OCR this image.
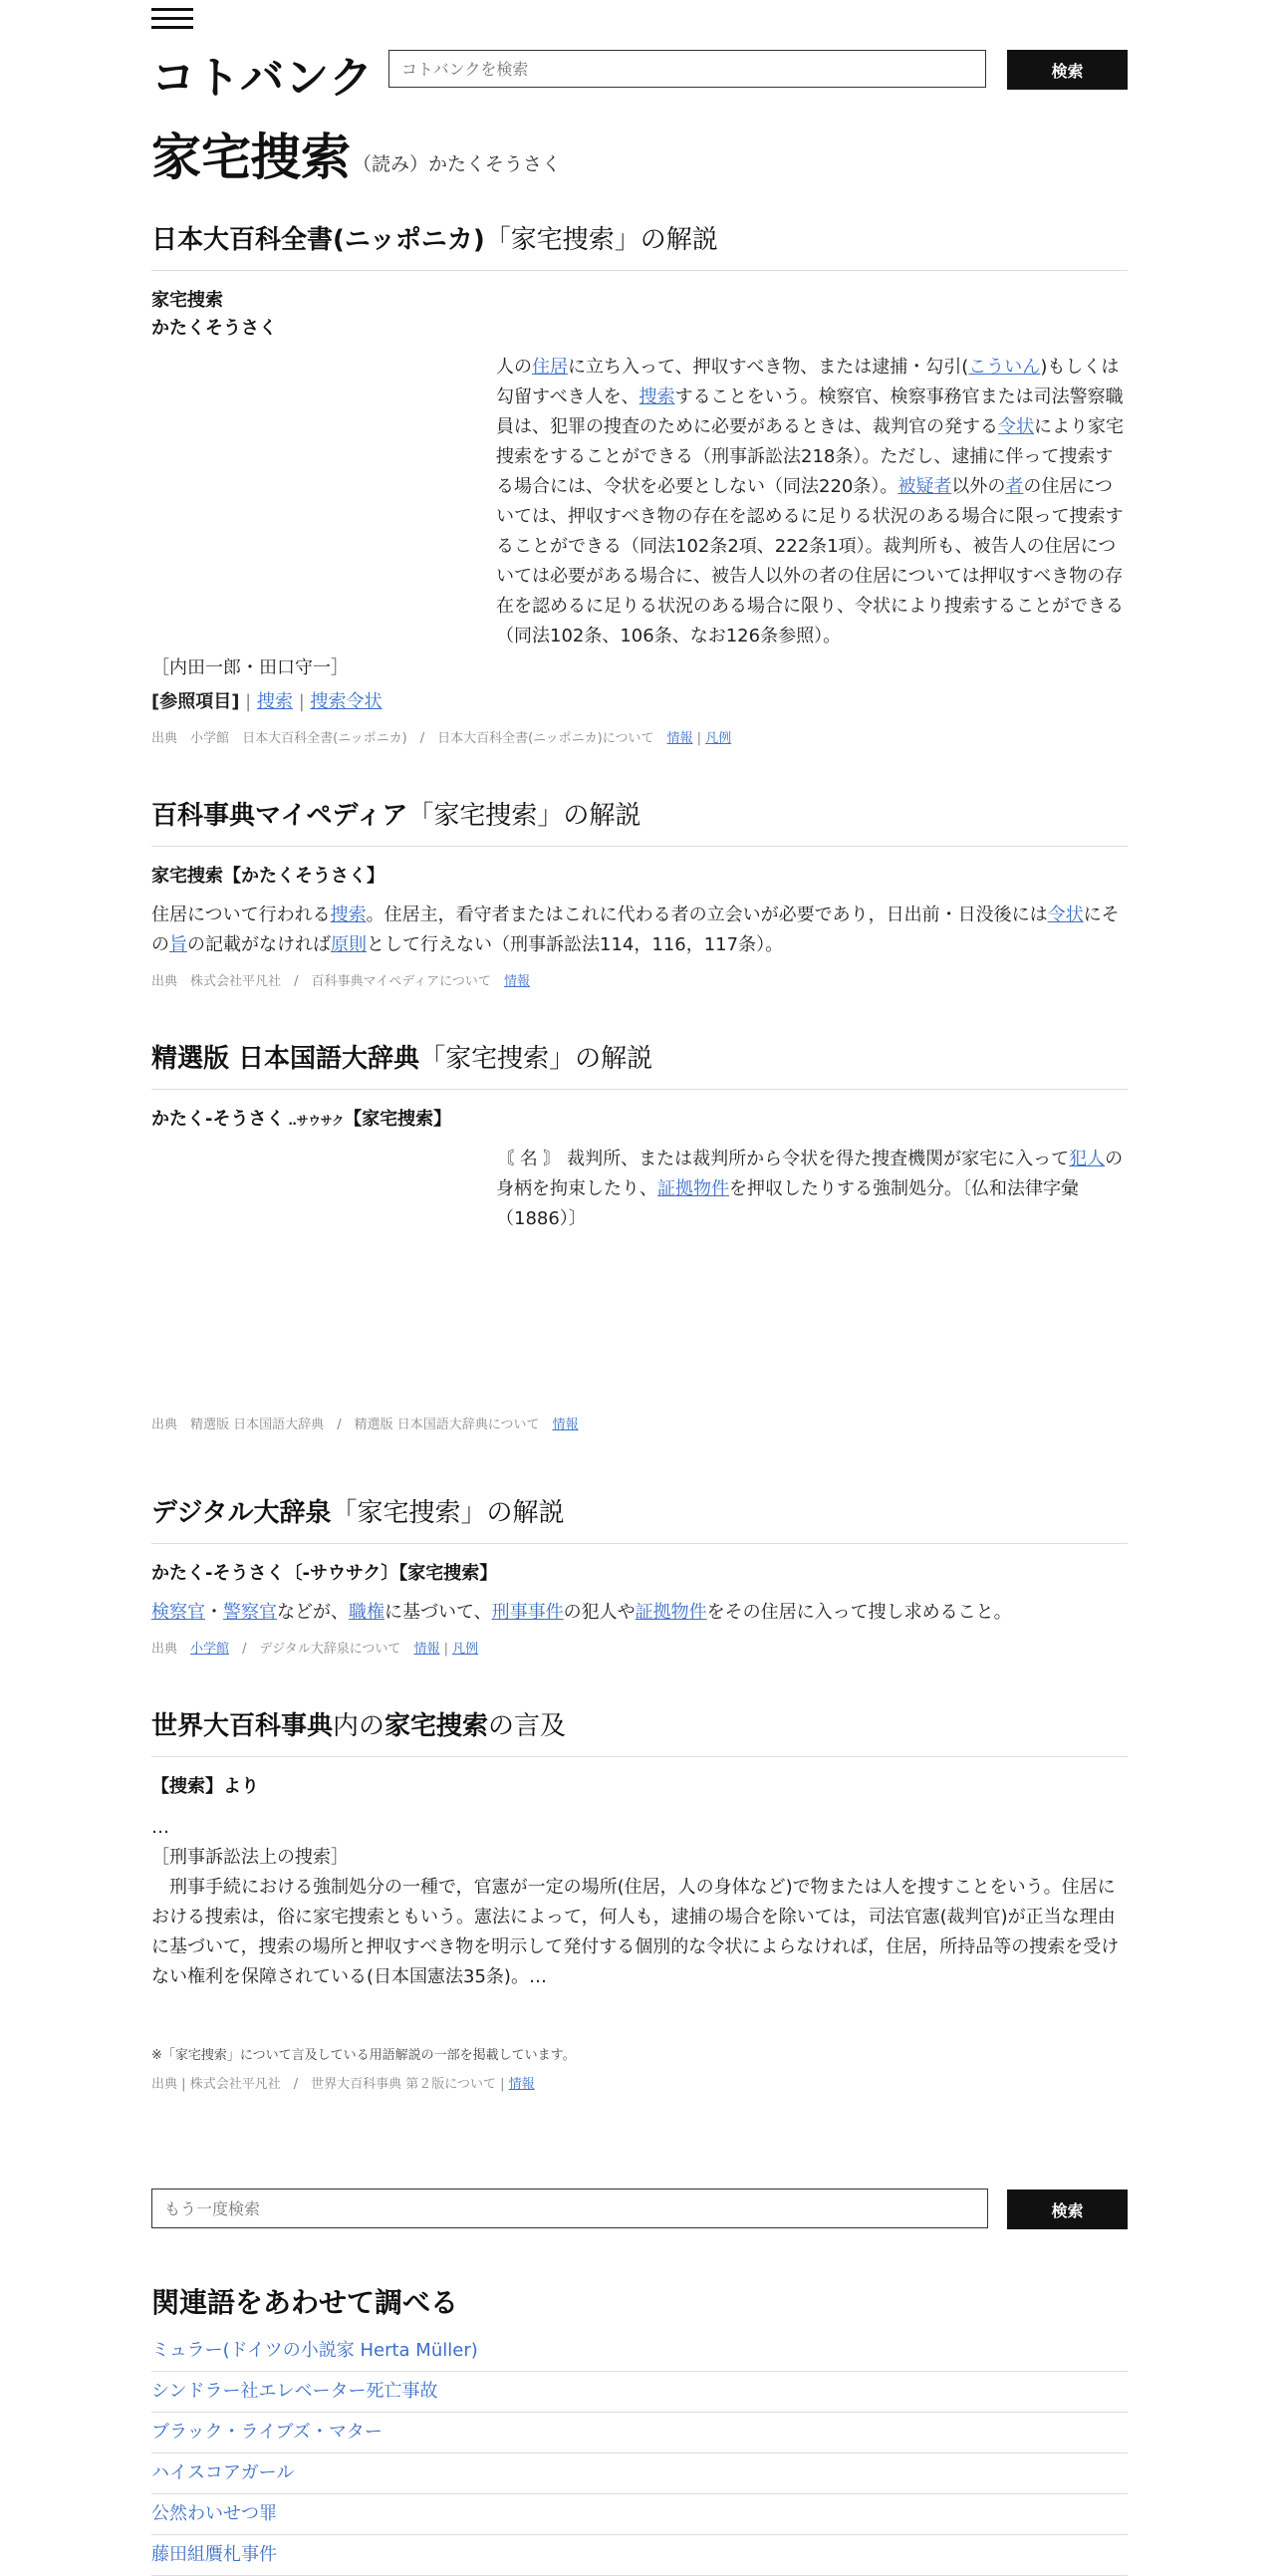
コトバンク
コトバンクを検索	検索
家宅捜索 （読み）かたくそうさく
日本大百科全書(ニッポニカ)「家宅捜索」の解説
家宅捜索
かたくそうさく
人の住居に立ち入って、押収すべき物、または逮捕・勾引(こういん)もしくは勾留すべき人を、捜索することをいう。検察官、検察事務官または司法警察職員は、犯罪の捜査のために必要があるときは、裁判官の発する令状により家宅捜索をすることができる（刑事訴訟法218条）。ただし、逮捕に伴って捜索する場合には、令状を必要としない（同法220条）。被疑者以外の者の住居については、押収すべき物の存在を認めるに足りる状況のある場合に限って捜索することができる（同法102条2項、222条1項）。裁判所も、被告人の住居については必要がある場合に、被告人以外の者の住居については押収すべき物の存在を認めるに足りる状況のある場合に限り、令状により捜索することができる（同法102条、106条、なお126条参照）。
［内田一郎・田口守一］
[参照項目] | 捜索 | 捜索令状
出典　 小学館　 日本大百科全書(ニッポニカ)　 /　 日本大百科全書(ニッポニカ)について　 情報 | 凡例
百科事典マイペディア「家宅捜索」の解説
家宅捜索【かたくそうさく】
住居について行われる捜索。住居主，看守者またはこれに代わる者の立会いが必要であり，日出前・日没後には令状にその旨の記載がなければ原則として行えない（刑事訴訟法114，116，117条）。
出典　 株式会社平凡社　 /　 百科事典マイペディアについて　 情報
精選版 日本国語大辞典「家宅捜索」の解説
かたく‐そうさく ‥サウサク【家宅捜索】
〘 名 〙 裁判所、または裁判所から令状を得た捜査機関が家宅に入って犯人の身柄を拘束したり、証拠物件を押収したりする強制処分。〔仏和法律字彙（1886）〕
出典　 精選版 日本国語大辞典　 /　 精選版 日本国語大辞典について　 情報
デジタル大辞泉「家宅捜索」の解説
かたく‐そうさく〔‐サウサク〕【家宅捜索】
検察官・警察官などが、職権に基づいて、刑事事件の犯人や証拠物件をその住居に入って捜し求めること。
出典　 小学館　 /　 デジタル大辞泉について　 情報 | 凡例
世界大百科事典内の家宅捜索の言及
【捜索】より
…
［刑事訴訟法上の捜索］
　刑事手続における強制処分の一種で，官憲が一定の場所(住居，人の身体など)で物または人を捜すことをいう。住居における捜索は，俗に家宅捜索ともいう。憲法によって，何人も，逮捕の場合を除いては，司法官憲(裁判官)が正当な理由に基づいて，捜索の場所と押収すべき物を明示して発付する個別的な令状によらなければ，住居，所持品等の捜索を受けない権利を保障されている(日本国憲法35条)。…
※「家宅捜索」について言及している用語解説の一部を掲載しています。
出典 | 株式会社平凡社　 /　 世界大百科事典 第２版について | 情報
もう一度検索
検索
関連語をあわせて調べる
ミュラー(ドイツの小説家 Herta Müller)
シンドラー社エレベーター死亡事故
ブラック・ライブズ・マター
ハイスコアガール
公然わいせつ罪
藤田組贋札事件
